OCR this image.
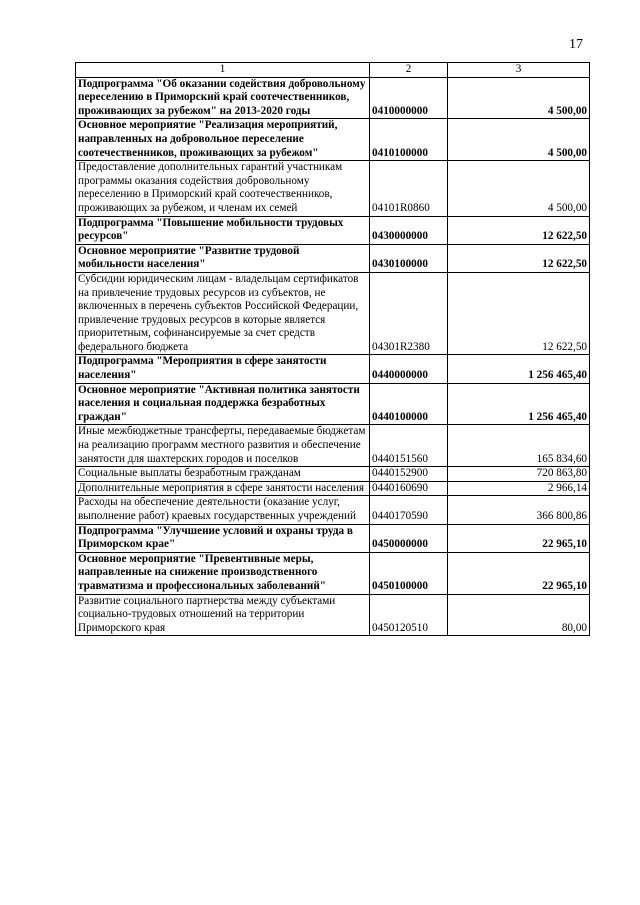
17
1	2	3
Подпрограмма "Об оказании содействия добровольному переселению в Приморский край соотечественников, проживающих за рубежом" на 2013-2020 годы	0410000000	4 500,00
Основное мероприятие "Реализация мероприятий, направленных на добровольное переселение соотечественников, проживающих за рубежом"	0410100000	4 500,00
Предоставление дополнительных гарантий участникам программы оказания содействия добровольному переселению в Приморский край соотечественников, проживающих за рубежом, и членам их семей	04101R0860	4 500,00
Подпрограмма "Повышение мобильности трудовых ресурсов"	0430000000	12 622,50
Основное мероприятие "Развитие трудовой мобильности населения"	0430100000	12 622,50
Субсидии юридическим лицам - владельцам сертификатов на привлечение трудовых ресурсов из субъектов, не включенных в перечень субъектов Российской Федерации, привлечение трудовых ресурсов в которые является приоритетным, софинансируемые за счет средств федерального бюджета	04301R2380	12 622,50
Подпрограмма "Мероприятия в сфере занятости населения"	0440000000	1 256 465,40
Основное мероприятие "Активная политика занятости населения и социальная поддержка безработных граждан"	0440100000	1 256 465,40
Иные межбюджетные трансферты, передаваемые бюджетам на реализацию программ местного развития и обеспечение занятости для шахтерских городов и поселков	0440151560	165 834,60
Социальные выплаты безработным гражданам	0440152900	720 863,80
Дополнительные мероприятия в сфере занятости населения	0440160690	2 966,14
Расходы на обеспечение деятельности (оказание услуг, выполнение работ) краевых государственных учреждений	0440170590	366 800,86
Подпрограмма "Улучшение условий и охраны труда в Приморском крае"	0450000000	22 965,10
Основное мероприятие "Превентивные меры, направленные на снижение производственного травматизма и профессиональных заболеваний"	0450100000	22 965,10
Развитие социального партнерства между субъектами социально-трудовых отношений на территории Приморского края	0450120510	80,00
